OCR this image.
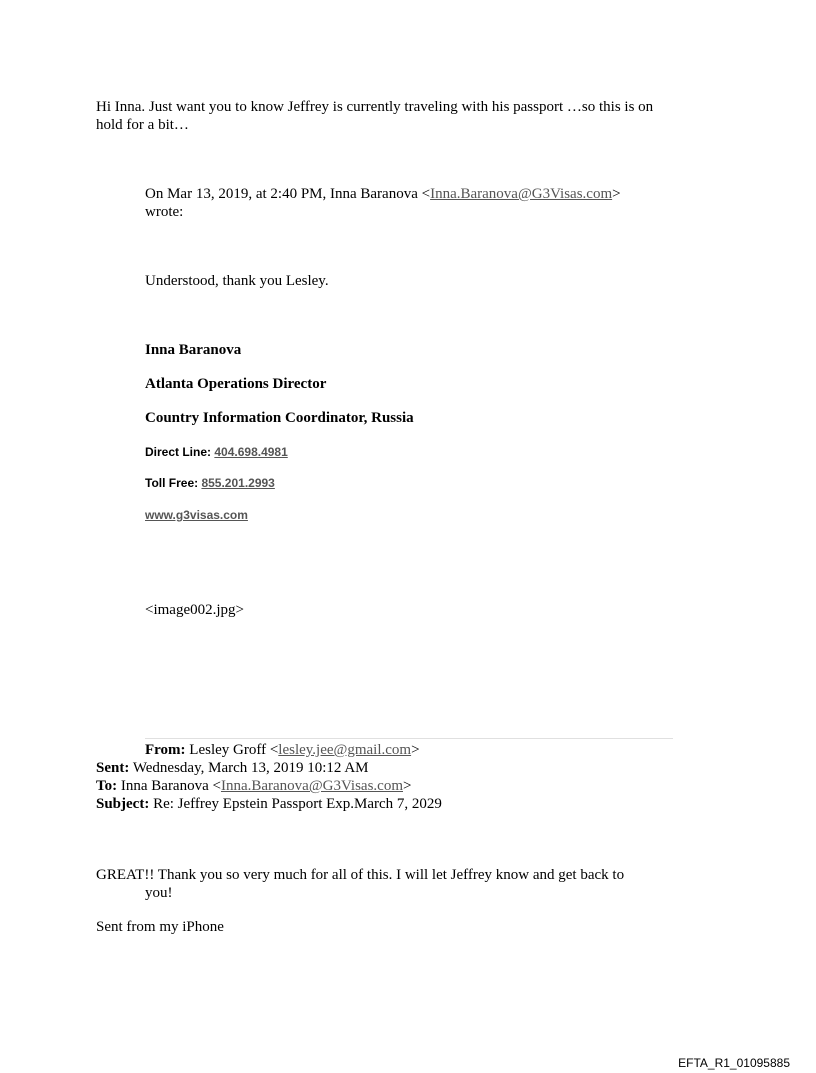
Hi Inna. Just want you to know Jeffrey is currently traveling with his passport …so this is on
hold for a bit…
On Mar 13, 2019, at 2:40 PM, Inna Baranova <Inna.Baranova@G3Visas.com>
wrote:
Understood, thank you Lesley.
Inna Baranova
Atlanta Operations Director
Country Information Coordinator, Russia
Direct Line: 404.698.4981
Toll Free: 855.201.2993
www.g3visas.com
<image002.jpg>
From: Lesley Groff <lesley.jee@gmail.com>
Sent: Wednesday, March 13, 2019 10:12 AM
To: Inna Baranova <Inna.Baranova@G3Visas.com>
Subject: Re: Jeffrey Epstein Passport Exp.March 7, 2029
GREAT!! Thank you so very much for all of this. I will let Jeffrey know and get back to
you!
Sent from my iPhone
EFTA_R1_01095885
